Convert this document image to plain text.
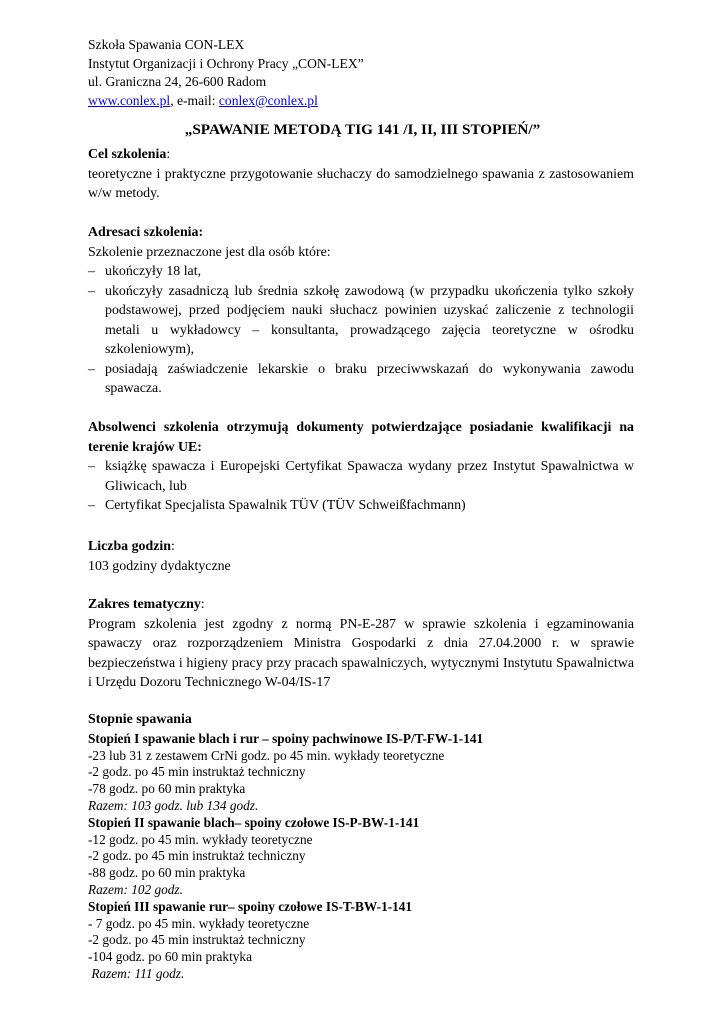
Szkoła Spawania CON-LEX
Instytut Organizacji i Ochrony Pracy „CON-LEX”
ul. Graniczna 24, 26-600 Radom
www.conlex.pl, e-mail: conlex@conlex.pl
„SPAWANIE METODĄ TIG 141 /I, II, III STOPIEŃ/”

Cel szkolenia:

teoretyczne i praktyczne przygotowanie słuchaczy do samodzielnego spawania z zastosowaniem w/w metody.

Adresaci szkolenia:

Szkolenie przeznaczone jest dla osób które:

– ukończyły 18 lat,
– ukończyły zasadniczą lub średnia szkołę zawodową (w przypadku ukończenia tylko szkoły podstawowej, przed podjęciem nauki słuchacz powinien uzyskać zaliczenie z technologii metali u wykładowcy – konsultanta, prowadzącego zajęcia teoretyczne w ośrodku szkoleniowym),
– posiadają zaświadczenie lekarskie o braku przeciwwskazań do wykonywania zawodu spawacza.

Absolwenci szkolenia otrzymują dokumenty potwierdzające posiadanie kwalifikacji na terenie krajów UE:

– książkę spawacza i Europejski Certyfikat Spawacza wydany przez Instytut Spawalnictwa w Gliwicach, lub
– Certyfikat Specjalista Spawalnik TÜV (TÜV Schweißfachmann)

Liczba godzin:

103 godziny dydaktyczne

Zakres tematyczny:

Program szkolenia jest zgodny z normą PN-E-287 w sprawie szkolenia i egzaminowania spawaczy oraz rozporządzeniem Ministra Gospodarki z dnia 27.04.2000 r. w sprawie bezpieczeństwa i higieny pracy przy pracach spawalniczych, wytycznymi Instytutu Spawalnictwa i Urzędu Dozoru Technicznego W-04/IS-17

Stopnie spawania

Stopień I spawanie blach i rur – spoiny pachwinowe IS-P/T-FW-1-141

-23 lub 31 z zestawem CrNi godz. po 45 min. wykłady teoretyczne

-2 godz. po 45 min instruktaż techniczny

-78 godz. po 60 min praktyka

Razem: 103 godz. lub 134 godz.

Stopień II spawanie blach– spoiny czołowe IS-P-BW-1-141

-12 godz. po 45 min. wykłady teoretyczne

-2 godz. po 45 min instruktaż techniczny

-88 godz. po 60 min praktyka

Razem: 102 godz.

Stopień III spawanie rur– spoiny czołowe IS-T-BW-1-141

- 7 godz. po 45 min. wykłady teoretyczne

-2 godz. po 45 min instruktaż techniczny

-104 godz. po 60 min praktyka

Razem: 111 godz.
